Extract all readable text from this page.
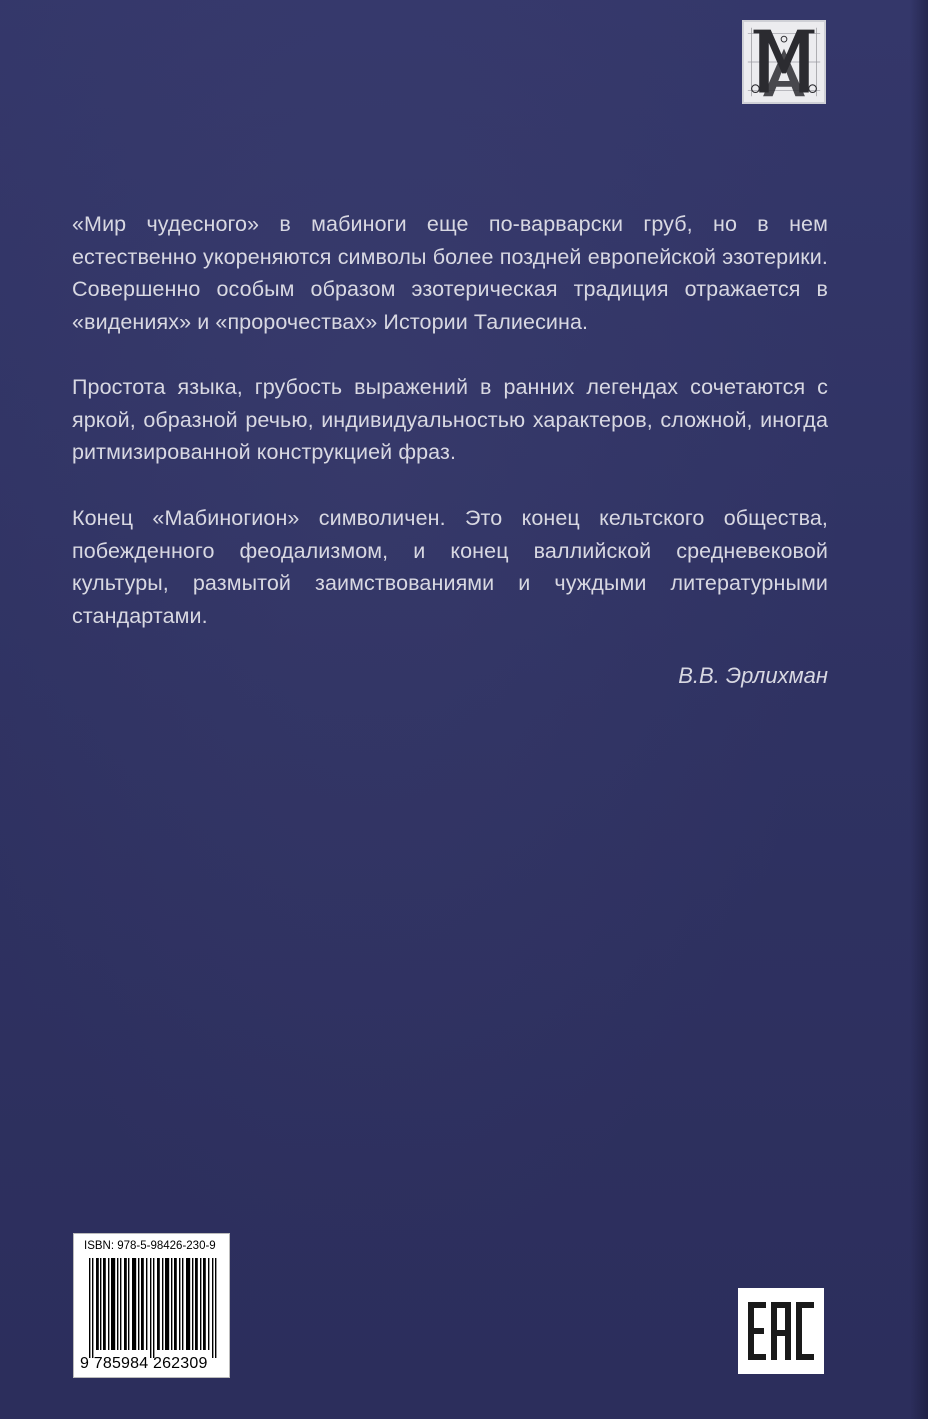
«Мир чудесного» в мабиноги еще по-варварски груб, но в нем естественно укореняются символы более поздней европейской эзотерики. Совершенно особым образом эзотерическая традиция отражается в «видениях» и «пророчествах» Истории Талиесина.
Простота языка, грубость выражений в ранних легендах сочетаются с яркой, образной речью, индивидуальностью характеров, сложной, иногда ритмизированной конструкцией фраз.
Конец «Мабиногион» символичен. Это конец кельтского общества, побежденного феодализмом, и конец валлийской средневековой культуры, размытой заимствованиями и чуждыми литературными стандартами.
В.В. Эрлихман
ISBN: 978-5-98426-230-9
9 785984 262309
